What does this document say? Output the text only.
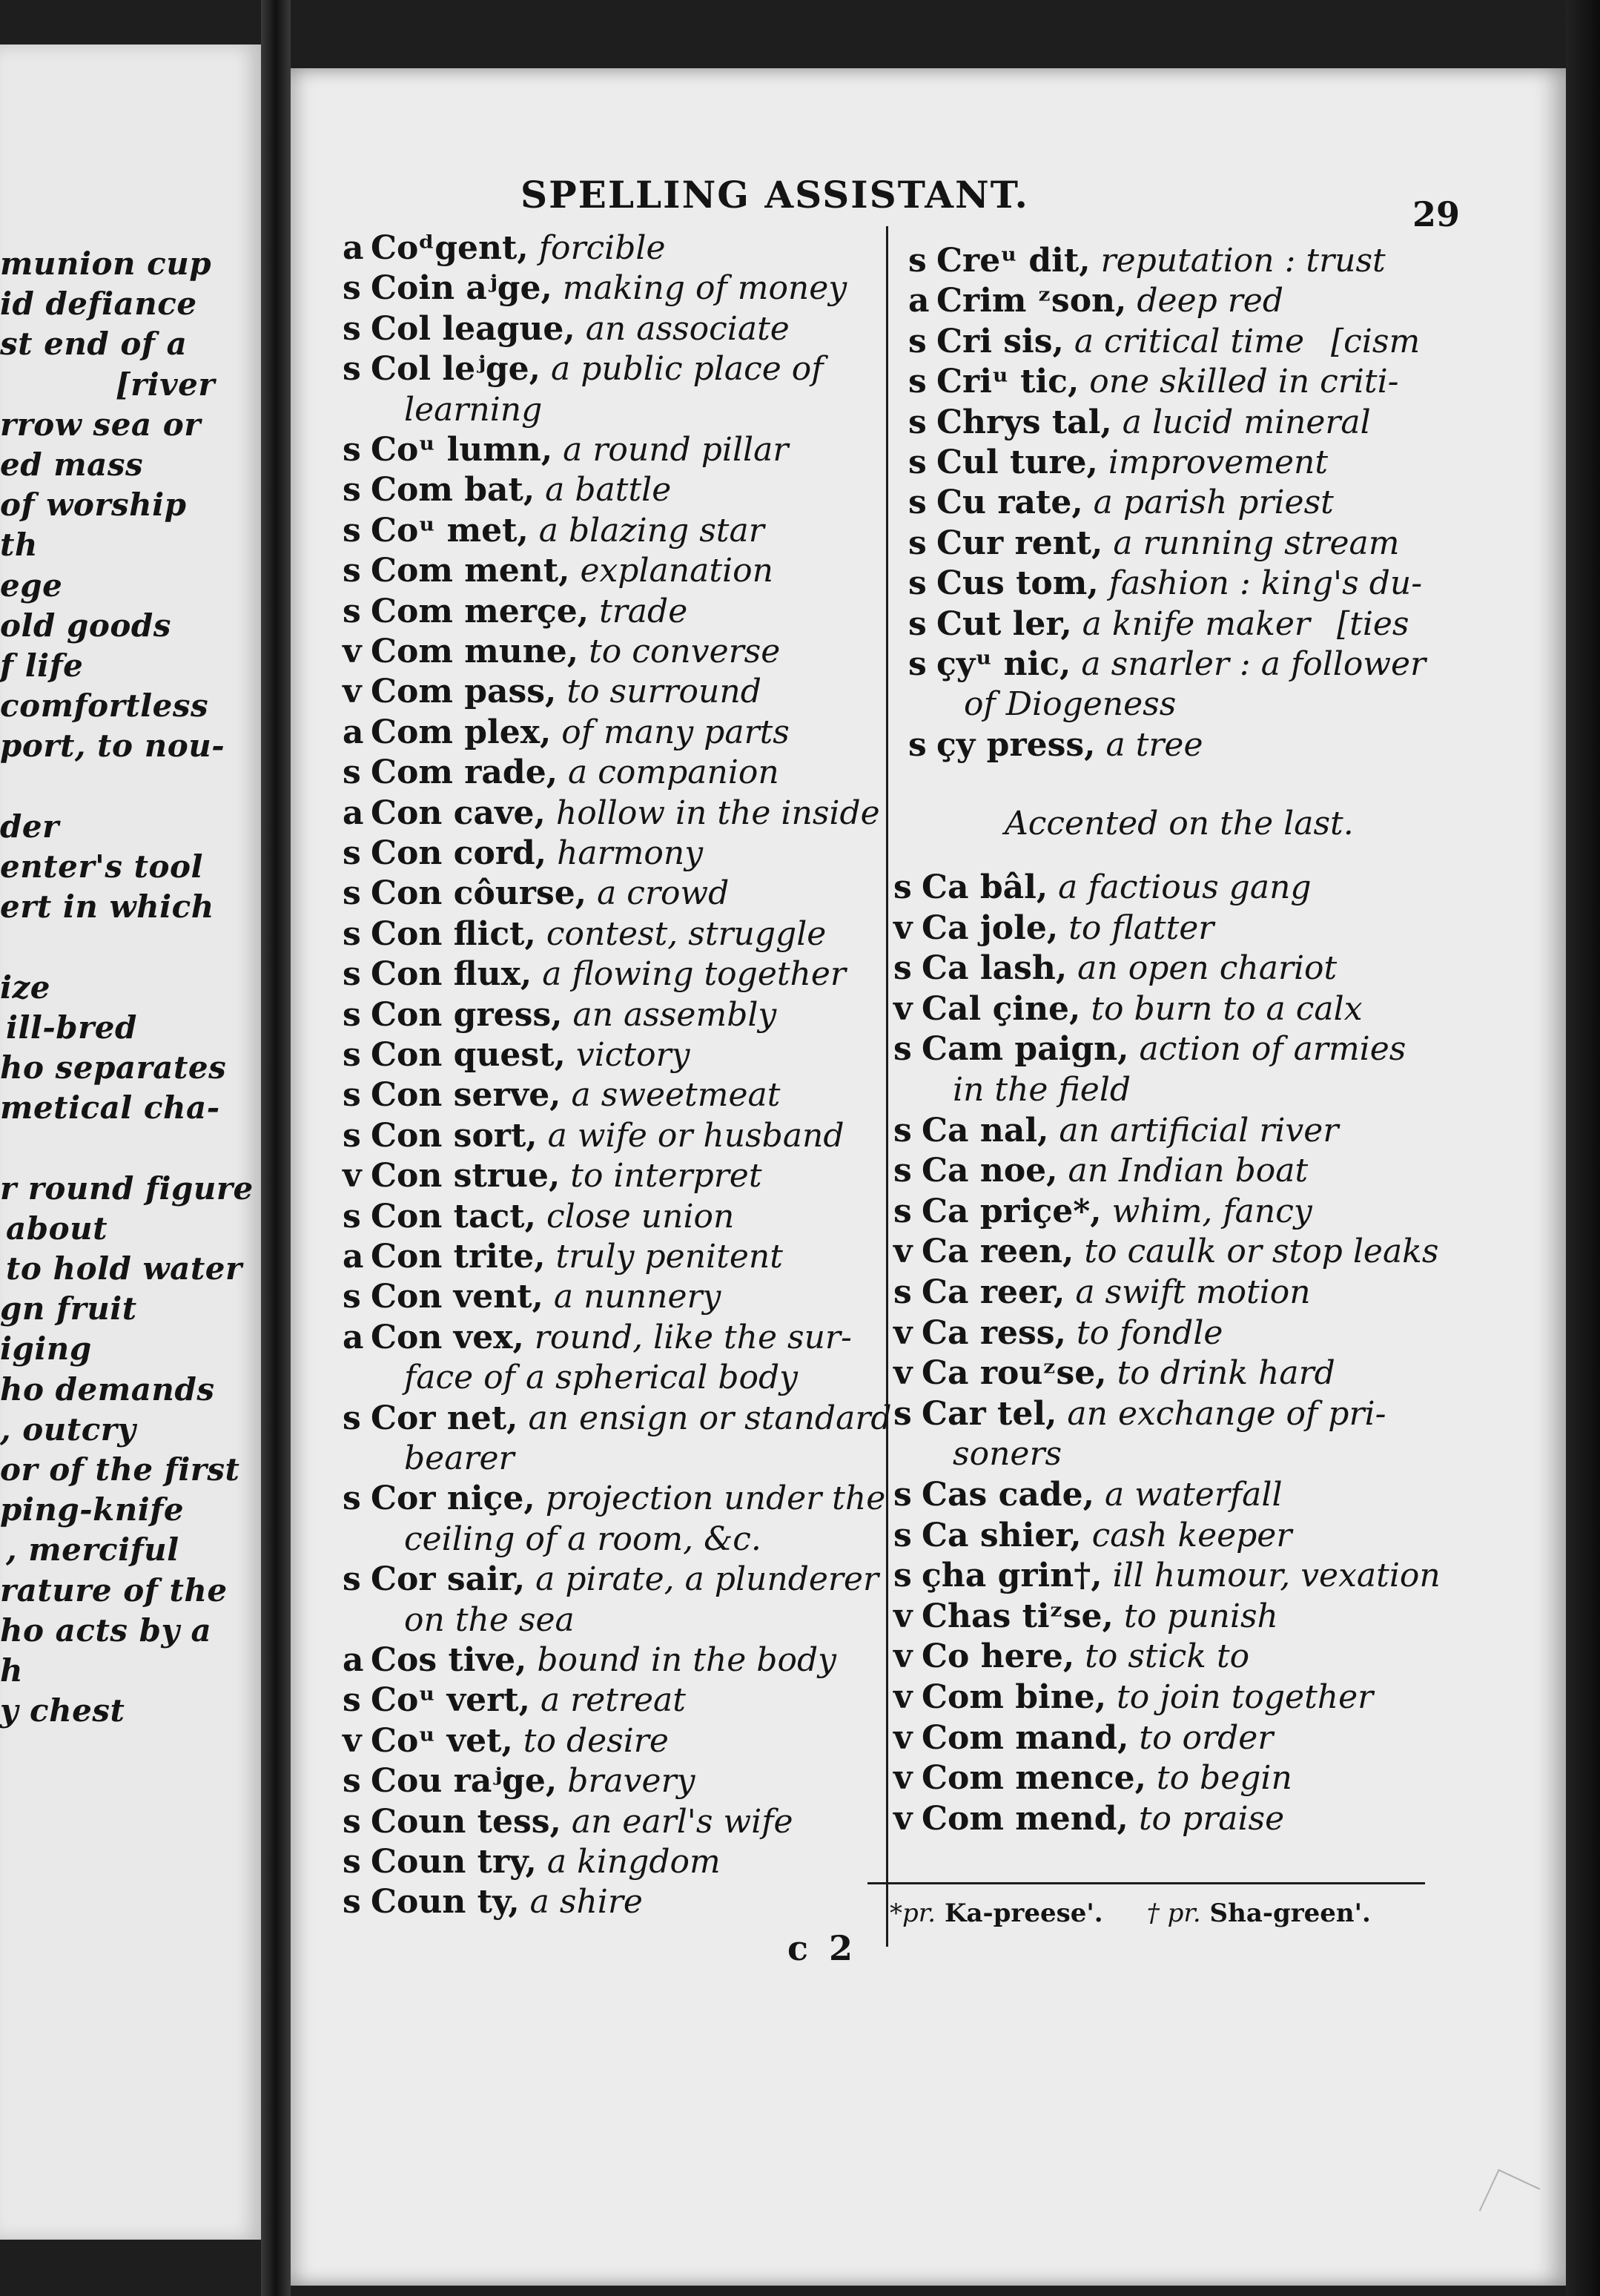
munion cup
id defiance
st end of a
[river
rrow sea or
ed mass
of worship
th
ege
old goods
f life
comfortless
port, to nou-
der
enter's tool
ert in which
ize
ill-bred
ho separates
metical cha-
r round figure
about
to hold water
gn fruit
iging
ho demands
, outcry
or of the first
ping-knife
, merciful
rature of the
ho acts by a
h
y chest
SPELLING ASSISTANT.	29
Accented on the last.
*pr. Ka-preese'. † pr. Sha-green'.
c 2
a Coᵈgent, forcible
s Coin aʲge, making of money
s Col league, an associate
s Col leʲge, a public place of
learning
s Coᵘ lumn, a round pillar
s Com bat, a battle
s Coᵘ met, a blazing star
s Com ment, explanation
s Com merçe, trade
v Com mune, to converse
v Com pass, to surround
a Com plex, of many parts
s Com rade, a companion
a Con cave, hollow in the inside
s Con cord, harmony
s Con côurse, a crowd
s Con flict, contest, struggle
s Con flux, a flowing together
s Con gress, an assembly
s Con quest, victory
s Con serve, a sweetmeat
s Con sort, a wife or husband
v Con strue, to interpret
s Con tact, close union
a Con trite, truly penitent
s Con vent, a nunnery
a Con vex, round, like the sur-
face of a spherical body
s Cor net, an ensign or standard
bearer
s Cor niçe, projection under the
ceiling of a room, &c.
s Cor sair, a pirate, a plunderer
on the sea
a Cos tive, bound in the body
s Coᵘ vert, a retreat
v Coᵘ vet, to desire
s Cou raʲge, bravery
s Coun tess, an earl's wife
s Coun try, a kingdom
s Coun ty, a shire
s Creᵘ dit, reputation : trust
a Crim ᶻson, deep red
s Cri sis, a critical time [cism
s Criᵘ tic, one skilled in criti-
s Chrys tal, a lucid mineral
s Cul ture, improvement
s Cu rate, a parish priest
s Cur rent, a running stream
s Cus tom, fashion : king's du-
s Cut ler, a knife maker [ties
s çyᵘ nic, a snarler : a follower
of Diogeness
s çy press, a tree
s Ca bâl, a factious gang
v Ca jole, to flatter
s Ca lash, an open chariot
v Cal çine, to burn to a calx
s Cam paign, action of armies
in the field
s Ca nal, an artificial river
s Ca noe, an Indian boat
s Ca priçe*, whim, fancy
v Ca reen, to caulk or stop leaks
s Ca reer, a swift motion
v Ca ress, to fondle
v Ca rouᶻse, to drink hard
s Car tel, an exchange of pri-
soners
s Cas cade, a waterfall
s Ca shier, cash keeper
s çha grin†, ill humour, vexation
v Chas tiᶻse, to punish
v Co here, to stick to
v Com bine, to join together
v Com mand, to order
v Com mence, to begin
v Com mend, to praise
